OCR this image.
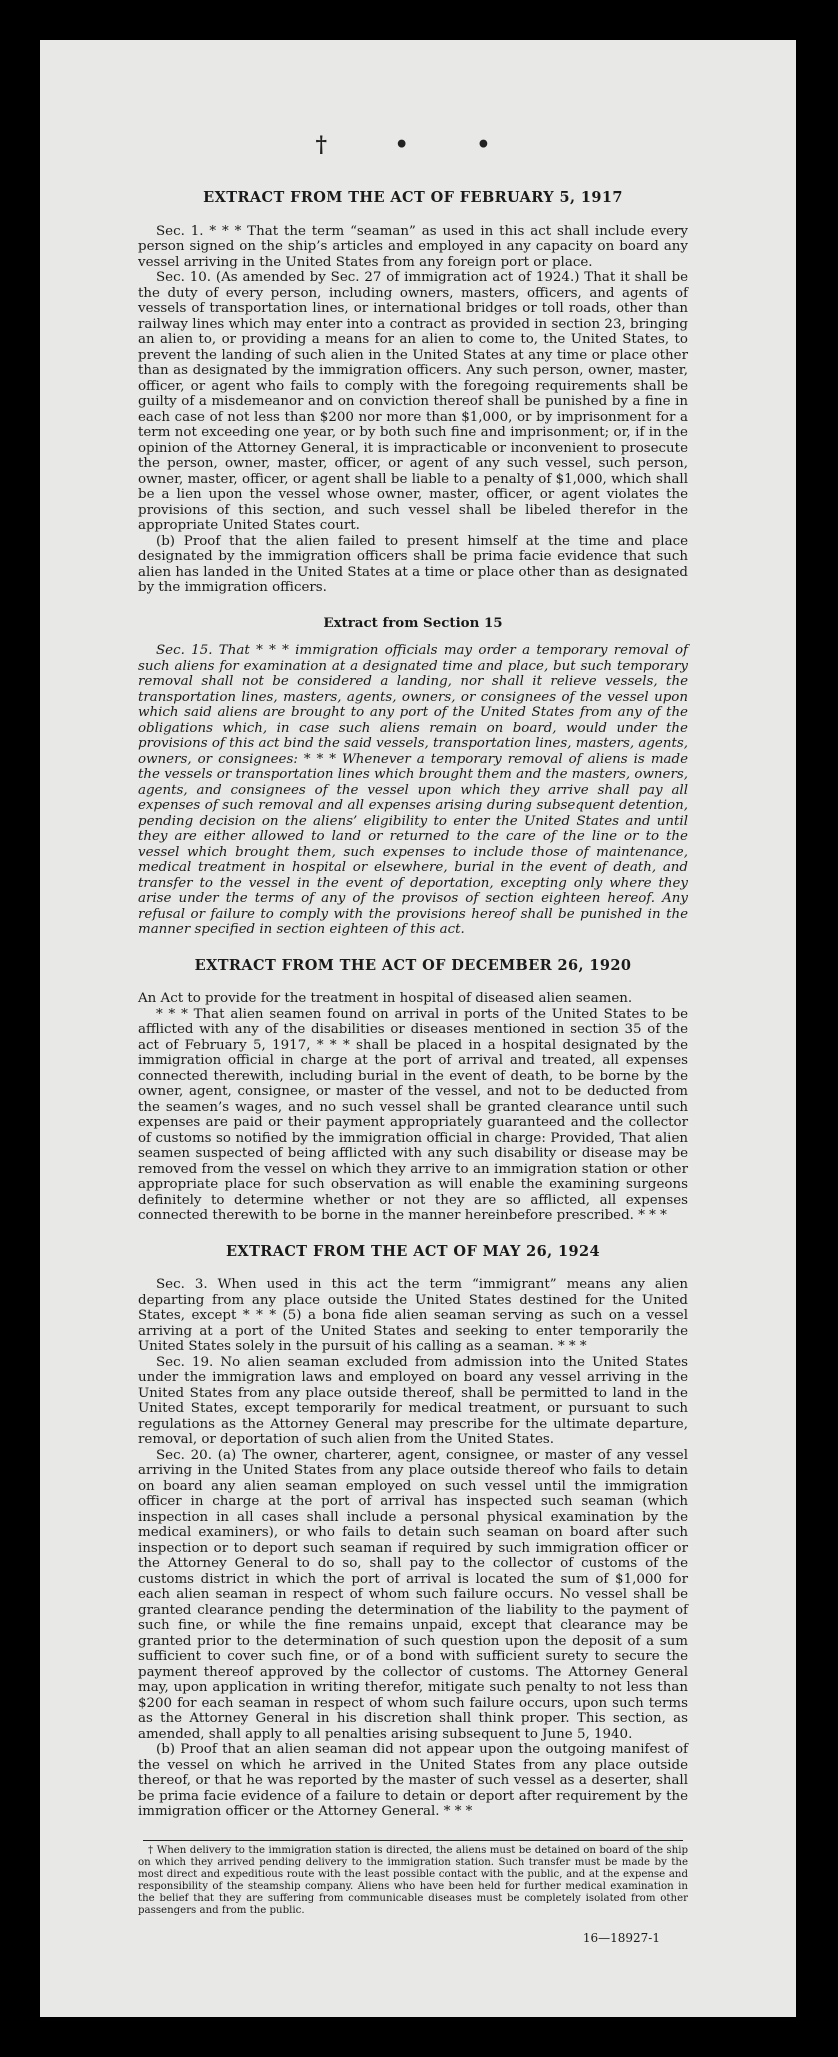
† • •
EXTRACT FROM THE ACT OF FEBRUARY 5, 1917

Sec. 1. * * * That the term “seaman” as used in this act shall include every person signed on the ship’s articles and employed in any capacity on board any vessel arriving in the United States from any foreign port or place.

Sec. 10. (As amended by Sec. 27 of immigration act of 1924.) That it shall be the duty of every person, including owners, masters, officers, and agents of vessels of transportation lines, or international bridges or toll roads, other than railway lines which may enter into a contract as provided in section 23, bringing an alien to, or providing a means for an alien to come to, the United States, to prevent the landing of such alien in the United States at any time or place other than as designated by the immigration officers. Any such person, owner, master, officer, or agent who fails to comply with the foregoing requirements shall be guilty of a misdemeanor and on conviction thereof shall be punished by a fine in each case of not less than $200 nor more than $1,000, or by imprisonment for a term not exceeding one year, or by both such fine and imprisonment; or, if in the opinion of the Attorney General, it is impracticable or inconvenient to prosecute the person, owner, master, officer, or agent of any such vessel, such person, owner, master, officer, or agent shall be liable to a penalty of $1,000, which shall be a lien upon the vessel whose owner, master, officer, or agent violates the provisions of this section, and such vessel shall be libeled therefor in the appropriate United States court.

(b) Proof that the alien failed to present himself at the time and place designated by the immigration officers shall be prima facie evidence that such alien has landed in the United States at a time or place other than as designated by the immigration officers.

Extract from Section 15

Sec. 15. That * * * immigration officials may order a temporary removal of such aliens for examination at a designated time and place, but such temporary removal shall not be considered a landing, nor shall it relieve vessels, the transportation lines, masters, agents, owners, or consignees of the vessel upon which said aliens are brought to any port of the United States from any of the obligations which, in case such aliens remain on board, would under the provisions of this act bind the said vessels, transportation lines, masters, agents, owners, or consignees: * * * Whenever a temporary removal of aliens is made the vessels or transportation lines which brought them and the masters, owners, agents, and consignees of the vessel upon which they arrive shall pay all expenses of such removal and all expenses arising during subsequent detention, pending decision on the aliens’ eligibility to enter the United States and until they are either allowed to land or returned to the care of the line or to the vessel which brought them, such expenses to include those of maintenance, medical treatment in hospital or elsewhere, burial in the event of death, and transfer to the vessel in the event of deportation, excepting only where they arise under the terms of any of the provisos of section eighteen hereof. Any refusal or failure to comply with the provisions hereof shall be punished in the manner specified in section eighteen of this act.

EXTRACT FROM THE ACT OF DECEMBER 26, 1920

An Act to provide for the treatment in hospital of diseased alien seamen.

* * * That alien seamen found on arrival in ports of the United States to be afflicted with any of the disabilities or diseases mentioned in section 35 of the act of February 5, 1917, * * * shall be placed in a hospital designated by the immigration official in charge at the port of arrival and treated, all expenses connected therewith, including burial in the event of death, to be borne by the owner, agent, consignee, or master of the vessel, and not to be deducted from the seamen’s wages, and no such vessel shall be granted clearance until such expenses are paid or their payment appropriately guaranteed and the collector of customs so notified by the immigration official in charge: Provided, That alien seamen suspected of being afflicted with any such disability or disease may be removed from the vessel on which they arrive to an immigration station or other appropriate place for such observation as will enable the examining surgeons definitely to determine whether or not they are so afflicted, all expenses connected therewith to be borne in the manner hereinbefore prescribed. * * *

EXTRACT FROM THE ACT OF MAY 26, 1924

Sec. 3. When used in this act the term “immigrant” means any alien departing from any place outside the United States destined for the United States, except * * * (5) a bona fide alien seaman serving as such on a vessel arriving at a port of the United States and seeking to enter temporarily the United States solely in the pursuit of his calling as a seaman. * * *

Sec. 19. No alien seaman excluded from admission into the United States under the immigration laws and employed on board any vessel arriving in the United States from any place outside thereof, shall be permitted to land in the United States, except temporarily for medical treatment, or pursuant to such regulations as the Attorney General may prescribe for the ultimate departure, removal, or deportation of such alien from the United States.

Sec. 20. (a) The owner, charterer, agent, consignee, or master of any vessel arriving in the United States from any place outside thereof who fails to detain on board any alien seaman employed on such vessel until the immigration officer in charge at the port of arrival has inspected such seaman (which inspection in all cases shall include a personal physical examination by the medical examiners), or who fails to detain such seaman on board after such inspection or to deport such seaman if required by such immigration officer or the Attorney General to do so, shall pay to the collector of customs of the customs district in which the port of arrival is located the sum of $1,000 for each alien seaman in respect of whom such failure occurs. No vessel shall be granted clearance pending the determination of the liability to the payment of such fine, or while the fine remains unpaid, except that clearance may be granted prior to the determination of such question upon the deposit of a sum sufficient to cover such fine, or of a bond with sufficient surety to secure the payment thereof approved by the collector of customs. The Attorney General may, upon application in writing therefor, mitigate such penalty to not less than $200 for each seaman in respect of whom such failure occurs, upon such terms as the Attorney General in his discretion shall think proper. This section, as amended, shall apply to all penalties arising subsequent to June 5, 1940.

(b) Proof that an alien seaman did not appear upon the outgoing manifest of the vessel on which he arrived in the United States from any place outside thereof, or that he was reported by the master of such vessel as a deserter, shall be prima facie evidence of a failure to detain or deport after requirement by the immigration officer or the Attorney General. * * *

† When delivery to the immigration station is directed, the aliens must be detained on board of the ship on which they arrived pending delivery to the immigration station. Such transfer must be made by the most direct and expeditious route with the least possible contact with the public, and at the expense and responsibility of the steamship company. Aliens who have been held for further medical examination in the belief that they are suffering from communicable diseases must be completely isolated from other passengers and from the public.

16—18927-1
